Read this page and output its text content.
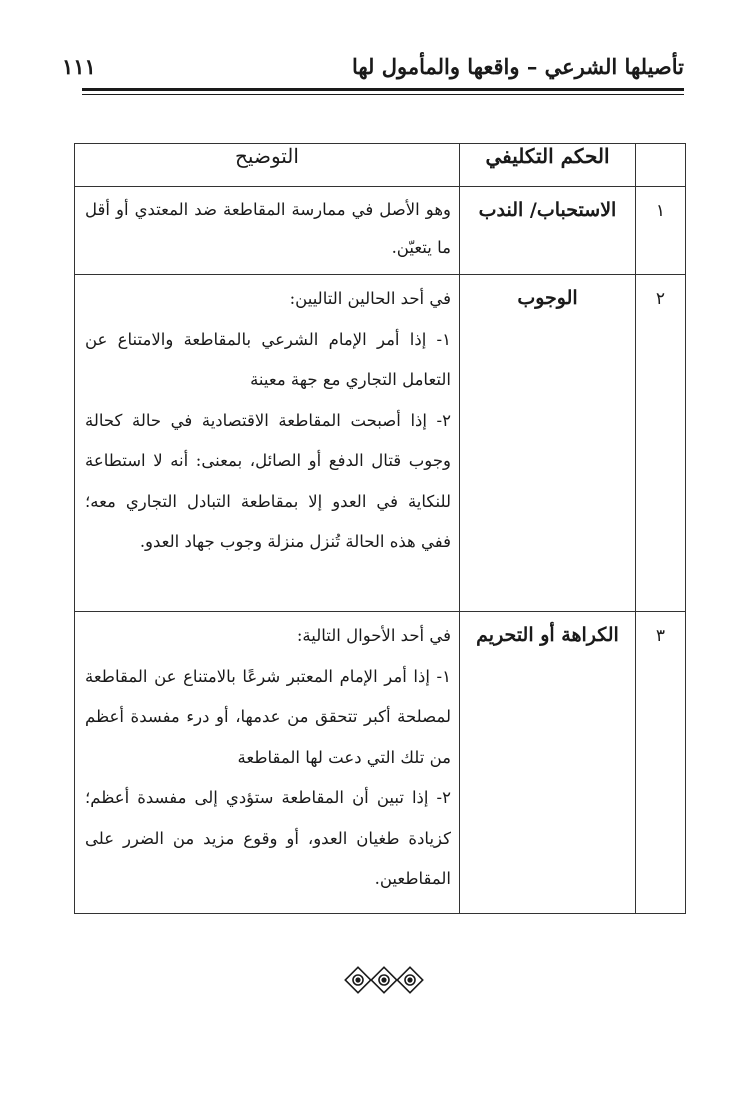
تأصيلها الشرعي – واقعها والمأمول لها
١١١
	الحكم التكليفي	التوضيح
١	الاستحباب/ الندب	وهو الأصل في ممارسة المقاطعة ضد المعتدي أو أقل ما يتعيّن.

٢	الوجوب	في أحد الحالين التاليين:

١- إذا أمر الإمام الشرعي بالمقاطعة والامتناع عن التعامل التجاري مع جهة معينة

٢- إذا أصبحت المقاطعة الاقتصادية في حالة كحالة وجوب قتال الدفع أو الصائل، بمعنى: أنه لا استطاعة للنكاية في العدو إلا بمقاطعة التبادل التجاري معه؛ ففي هذه الحالة تُنزل منزلة وجوب جهاد العدو.

٣	الكراهة أو التحريم	في أحد الأحوال التالية:

١- إذا أمر الإمام المعتبر شرعًا بالامتناع عن المقاطعة لمصلحة أكبر تتحقق من عدمها، أو درء مفسدة أعظم من تلك التي دعت لها المقاطعة

٢- إذا تبين أن المقاطعة ستؤدي إلى مفسدة أعظم؛ كزيادة طغيان العدو، أو وقوع مزيد من الضرر على المقاطعين.
